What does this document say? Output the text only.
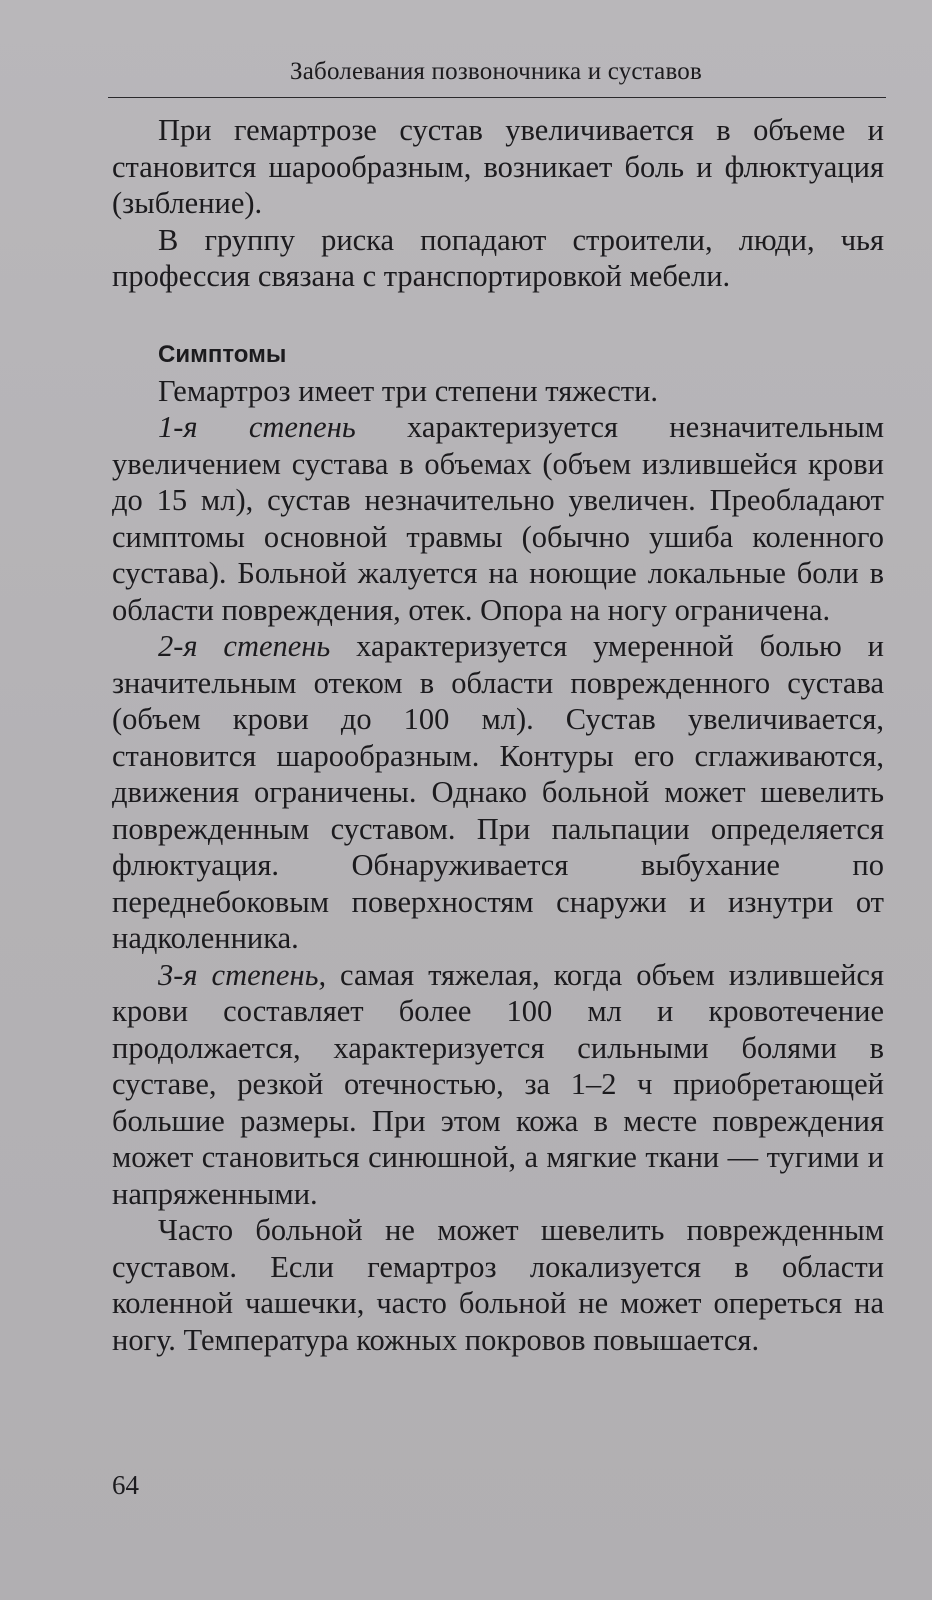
Заболевания позвоночника и суставов

При гемартрозе сустав увеличивается в объеме и становится шарообразным, возникает боль и флюктуация (зыбление).

В группу риска попадают строители, люди, чья профессия связана с транспортировкой мебели.

Симптомы

Гемартроз имеет три степени тяжести.

1-я степень характеризуется незначительным увеличением сустава в объемах (объем излившейся крови до 15 мл), сустав незначительно увеличен. Преобладают симптомы основной травмы (обычно ушиба коленного сустава). Больной жалуется на ноющие локальные боли в области повреждения, отек. Опора на ногу ограничена.

2-я степень характеризуется умеренной болью и значительным отеком в области поврежденного сустава (объем крови до 100 мл). Сустав увеличивается, становится шарообразным. Контуры его сглаживаются, движения ограничены. Однако больной может шевелить поврежденным суставом. При пальпации определяется флюктуация. Обнаруживается выбухание по переднебоковым поверхностям снаружи и изнутри от надколенника.

3-я степень, самая тяжелая, когда объем излившейся крови составляет более 100 мл и кровотечение продолжается, характеризуется сильными болями в суставе, резкой отечностью, за 1–2 ч приобретающей большие размеры. При этом кожа в месте повреждения может становиться синюшной, а мягкие ткани — тугими и напряженными.

Часто больной не может шевелить поврежденным суставом. Если гемартроз локализуется в области коленной чашечки, часто больной не может опереться на ногу. Температура кожных покровов повышается.

64
